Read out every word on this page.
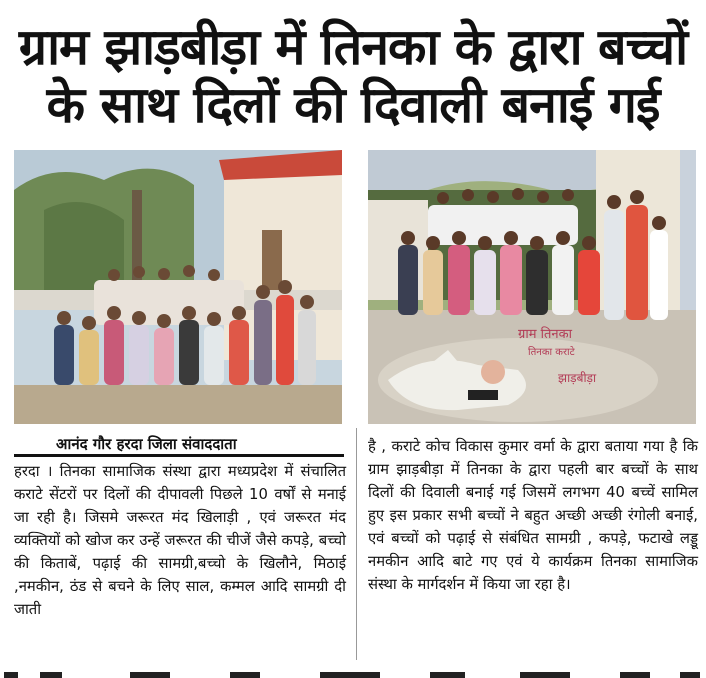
ग्राम झाड़बीड़ा में तिनका के द्वारा बच्चों
के साथ दिलों की दिवाली बनाई गई
ग्राम तिनका
तिनका कराटे
झाड़बीड़ा
आनंद गौर हरदा जिला संवाददाता
हरदा । तिनका सामाजिक संस्था द्वारा मध्यप्रदेश में संचालित कराटे सेंटरों पर दिलों की दीपावली पिछले 10 वर्षों से मनाई जा रही है। जिसमे जरूरत मंद खिलाड़ी , एवं जरूरत मंद व्यक्तियों को खोज कर उन्हें जरूरत की चीजें जैसे कपड़े, बच्चो की किताबें, पढ़ाई की सामग्री,बच्चो के खिलौने, मिठाई ,नमकीन, ठंड से बचने के लिए साल, कम्मल आदि सामग्री दी जाती
है , कराटे कोच विकास कुमार वर्मा के द्वारा बताया गया है कि ग्राम झाड़बीड़ा में तिनका के द्वारा पहली बार बच्चों के साथ दिलों की दिवाली बनाई गई जिसमें लगभग 40 बच्चें सामिल हुए इस प्रकार सभी बच्चों ने बहुत अच्छी अच्छी रंगोली बनाई, एवं बच्चों को पढ़ाई से संबंधित सामग्री , कपड़े, फटाखे लड्डू नमकीन आदि बाटे गए एवं ये कार्यक्रम तिनका सामाजिक संस्था के मार्गदर्शन में किया जा रहा है।
